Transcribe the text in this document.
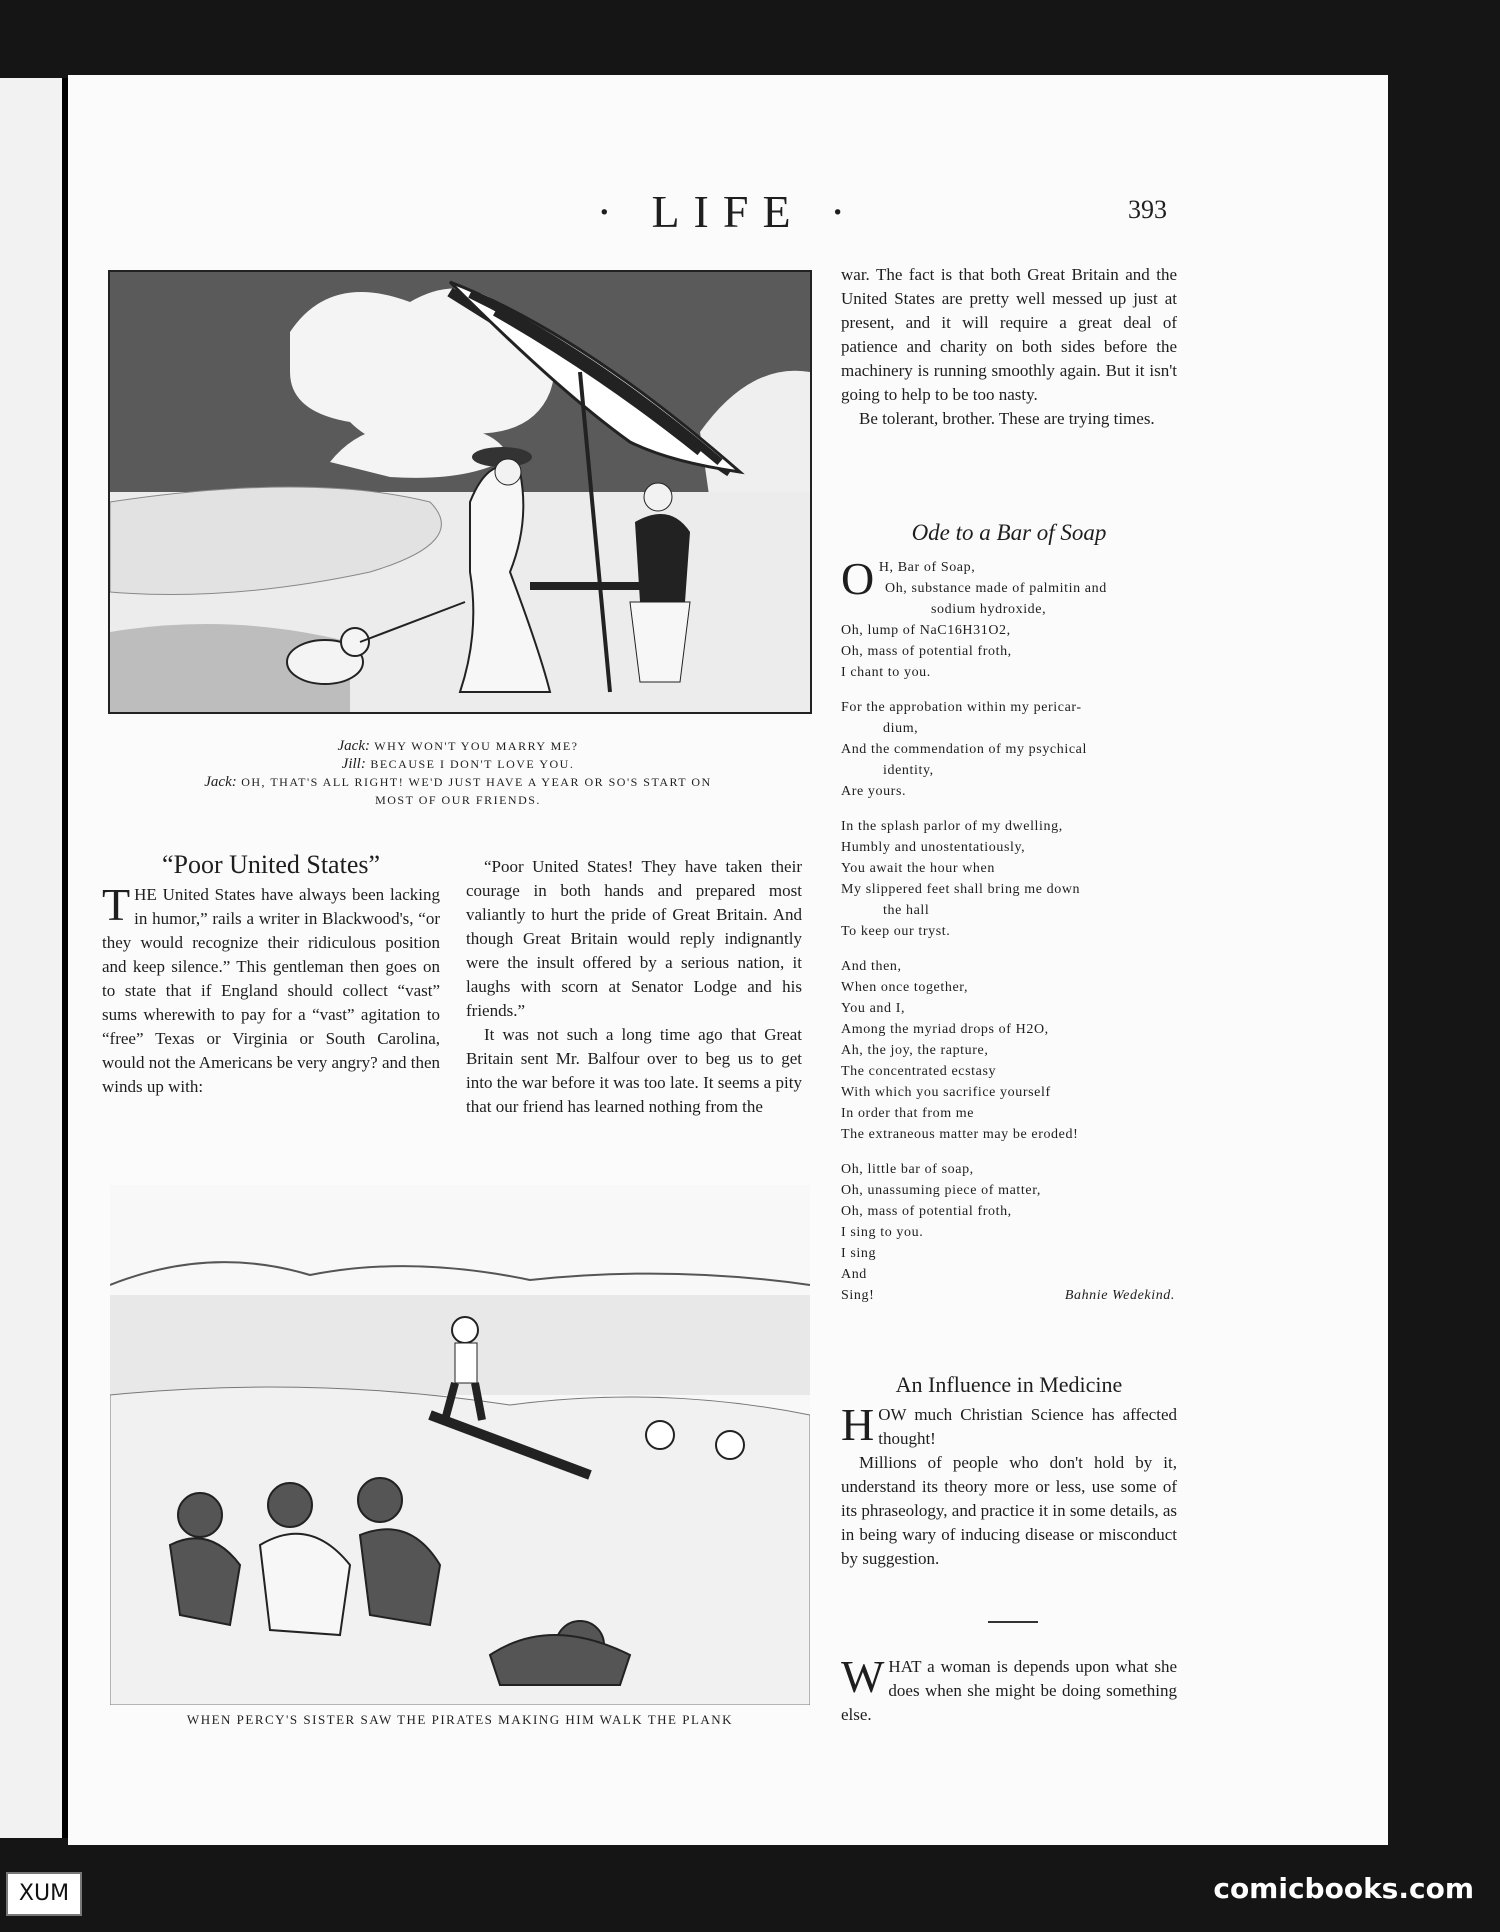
· LIFE ·	393
Jack: WHY WON'T YOU MARRY ME?
Jill: BECAUSE I DON'T LOVE YOU.
Jack: OH, THAT'S ALL RIGHT! WE'D JUST HAVE A YEAR OR SO'S START ON
MOST OF OUR FRIENDS.
“Poor United States”

THE United States have always been lacking in humor,” rails a writer in Blackwood's, “or they would recognize their ridiculous position and keep silence.” This gentleman then goes on to state that if England should collect “vast” sums wherewith to pay for a “vast” agitation to “free” Texas or Virginia or South Carolina, would not the Americans be very angry? and then winds up with:

“Poor United States! They have taken their courage in both hands and prepared most valiantly to hurt the pride of Great Britain. And though Great Britain would reply indignantly were the insult offered by a serious nation, it laughs with scorn at Senator Lodge and his friends.”

It was not such a long time ago that Great Britain sent Mr. Balfour over to beg us to get into the war before it was too late. It seems a pity that our friend has learned nothing from the

WHEN PERCY'S SISTER SAW THE PIRATES MAKING HIM WALK THE PLANK

war. The fact is that both Great Britain and the United States are pretty well messed up just at present, and it will require a great deal of patience and charity on both sides before the machinery is running smoothly again. But it isn't going to help to be too nasty.

Be tolerant, brother. These are trying times.

Ode to a Bar of Soap
O H, Bar of Soap,
Oh, substance made of palmitin and
sodium hydroxide,
Oh, lump of NaC16H31O2,
Oh, mass of potential froth,
I chant to you.
For the approbation within my pericar-
dium,
And the commendation of my psychical
identity,
Are yours.
In the splash parlor of my dwelling,
Humbly and unostentatiously,
You await the hour when
My slippered feet shall bring me down
the hall
To keep our tryst.
And then,
When once together,
You and I,
Among the myriad drops of H2O,
Ah, the joy, the rapture,
The concentrated ecstasy
With which you sacrifice yourself
In order that from me
The extraneous matter may be eroded!
Oh, little bar of soap,
Oh, unassuming piece of matter,
Oh, mass of potential froth,
I sing to you.
I sing
And
Sing!	Bahnie Wedekind.
An Influence in Medicine

HOW much Christian Science has affected thought!

Millions of people who don't hold by it, understand its theory more or less, use some of its phraseology, and practice it in some details, as in being wary of inducing disease or misconduct by suggestion.

WHAT a woman is depends upon what she does when she might be doing something else.

XUM	comicbooks.com
